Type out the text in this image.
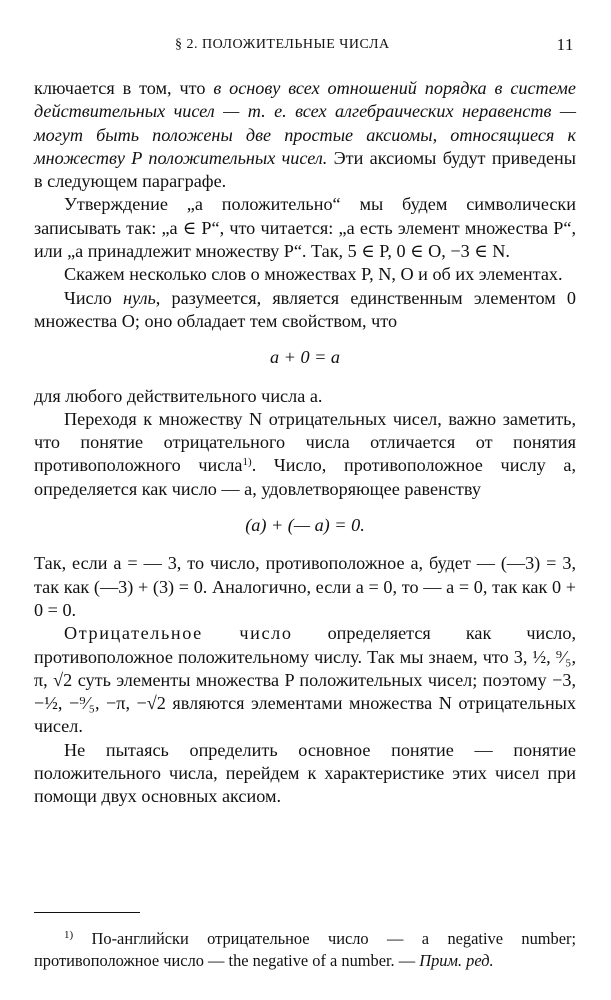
§ 2. ПОЛОЖИТЕЛЬНЫЕ ЧИСЛА	11

ключается в том, что в основу всех отношений порядка в системе действительных чисел — т. е. всех алгебраических неравенств — могут быть положены две простые аксиомы, относящиеся к множеству P положительных чисел. Эти аксиомы будут приведены в следующем параграфе.

Утверждение „a положительно“ мы будем символически записывать так: „a ∈ P“, что читается: „a есть элемент множества P“, или „a принадлежит множеству P“. Так, 5 ∈ P, 0 ∈ O, −3 ∈ N.

Скажем несколько слов о множествах P, N, O и об их элементах.

Число нуль, разумеется, является единственным элементом 0 множества O; оно обладает тем свойством, что

a + 0 = a

для любого действительного числа a.

Переходя к множеству N отрицательных чисел, важно заметить, что понятие отрицательного числа отличается от понятия противоположного числа$^{1)}$. Число, противоположное числу a, определяется как число — a, удовлетворяющее равенству

(a) + (— a) = 0.

Так, если a = — 3, то число, противоположное a, будет — (—3) = 3, так как (—3) + (3) = 0. Аналогично, если a = 0, то — a = 0, так как 0 + 0 = 0.

Отрицательное число определяется как число, противоположное положительному числу. Так мы знаем, что 3, ½, ⁹⁄₅, π, √2 суть элементы множества P положительных чисел; поэтому −3, −½, −⁹⁄₅, −π, −√2 являются элементами множества N отрицательных чисел.

Не пытаясь определить основное понятие — понятие положительного числа, перейдем к характеристике этих чисел при помощи двух основных аксиом.

$^{1)}$ По-английски отрицательное число — a negative number; противоположное число — the negative of a number. — Прим. ред.
